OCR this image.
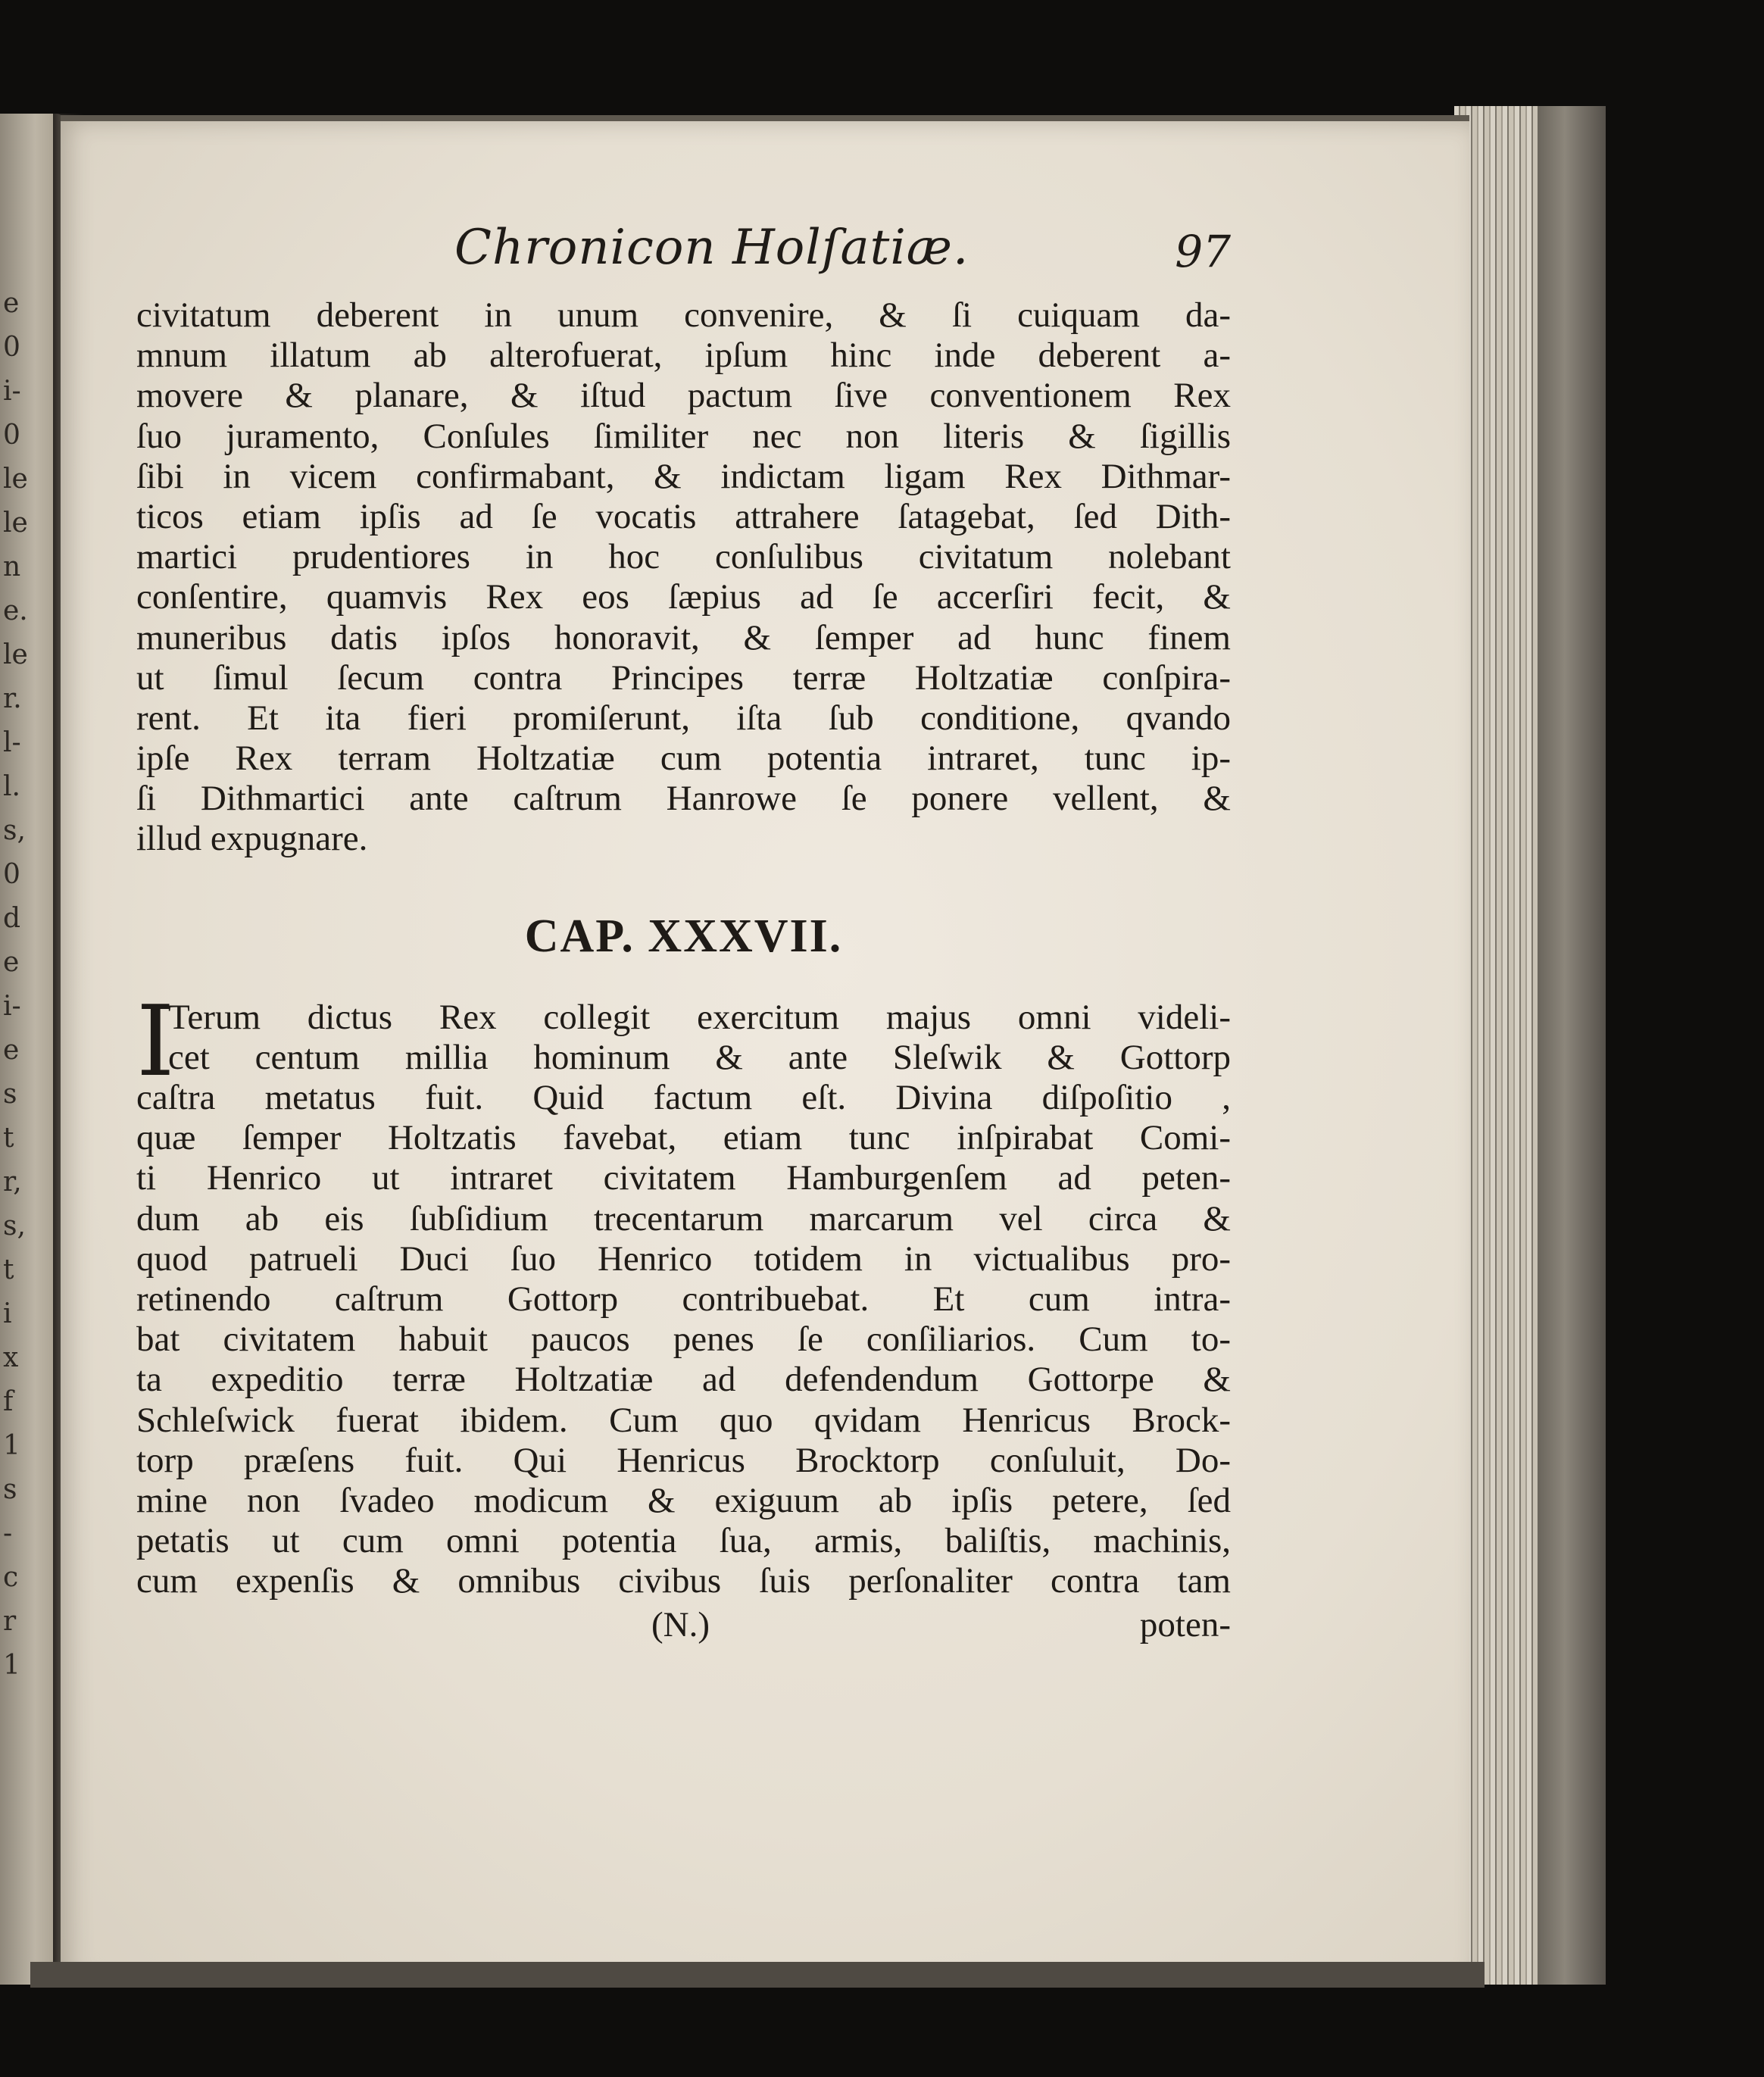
e
0
i-
0
le
le
n
e.
le
r.
l-
l.
s,
0
d
e
i-
e
s
t
r,
s,
t
i
x
f
1
s
-
c
r
1
Chronicon Holſatiæ.	97
civitatum deberent in unum convenire, & ſi cuiquam da-
mnum illatum ab alterofuerat, ipſum hinc inde deberent a-
movere & planare, & iſtud pactum ſive conventionem Rex
ſuo juramento, Conſules ſimiliter nec non literis & ſigillis
ſibi in vicem confirmabant, & indictam ligam Rex Dithmar-
ticos etiam ipſis ad ſe vocatis attrahere ſatagebat, ſed Dith-
martici prudentiores in hoc conſulibus civitatum nolebant
conſentire, quamvis Rex eos ſæpius ad ſe accerſiri fecit, &
muneribus datis ipſos honoravit, & ſemper ad hunc finem
ut ſimul ſecum contra Principes terræ Holtzatiæ conſpira-
rent. Et ita fieri promiſerunt, iſta ſub conditione, qvando
ipſe Rex terram Holtzatiæ cum potentia intraret, tunc ip-
ſi Dithmartici ante caſtrum Hanrowe ſe ponere vellent, &
illud expugnare.
CAP. XXXVII.
I
Terum dictus Rex collegit exercitum majus omni videli-
cet centum millia hominum & ante Sleſwik & Gottorp
caſtra metatus fuit. Quid factum eſt. Divina diſpoſitio ,
quæ ſemper Holtzatis favebat, etiam tunc inſpirabat Comi-
ti Henrico ut intraret civitatem Hamburgenſem ad peten-
dum ab eis ſubſidium trecentarum marcarum vel circa &
quod patrueli Duci ſuo Henrico totidem in victualibus pro-
retinendo caſtrum Gottorp contribuebat. Et cum intra-
bat civitatem habuit paucos penes ſe conſiliarios. Cum to-
ta expeditio terræ Holtzatiæ ad defendendum Gottorpe &
Schleſwick fuerat ibidem. Cum quo qvidam Henricus Brock-
torp præſens fuit. Qui Henricus Brocktorp conſuluit, Do-
mine non ſvadeo modicum & exiguum ab ipſis petere, ſed
petatis ut cum omni potentia ſua, armis, baliſtis, machinis,
cum expenſis & omnibus civibus ſuis perſonaliter contra tam
(N.)	poten-
